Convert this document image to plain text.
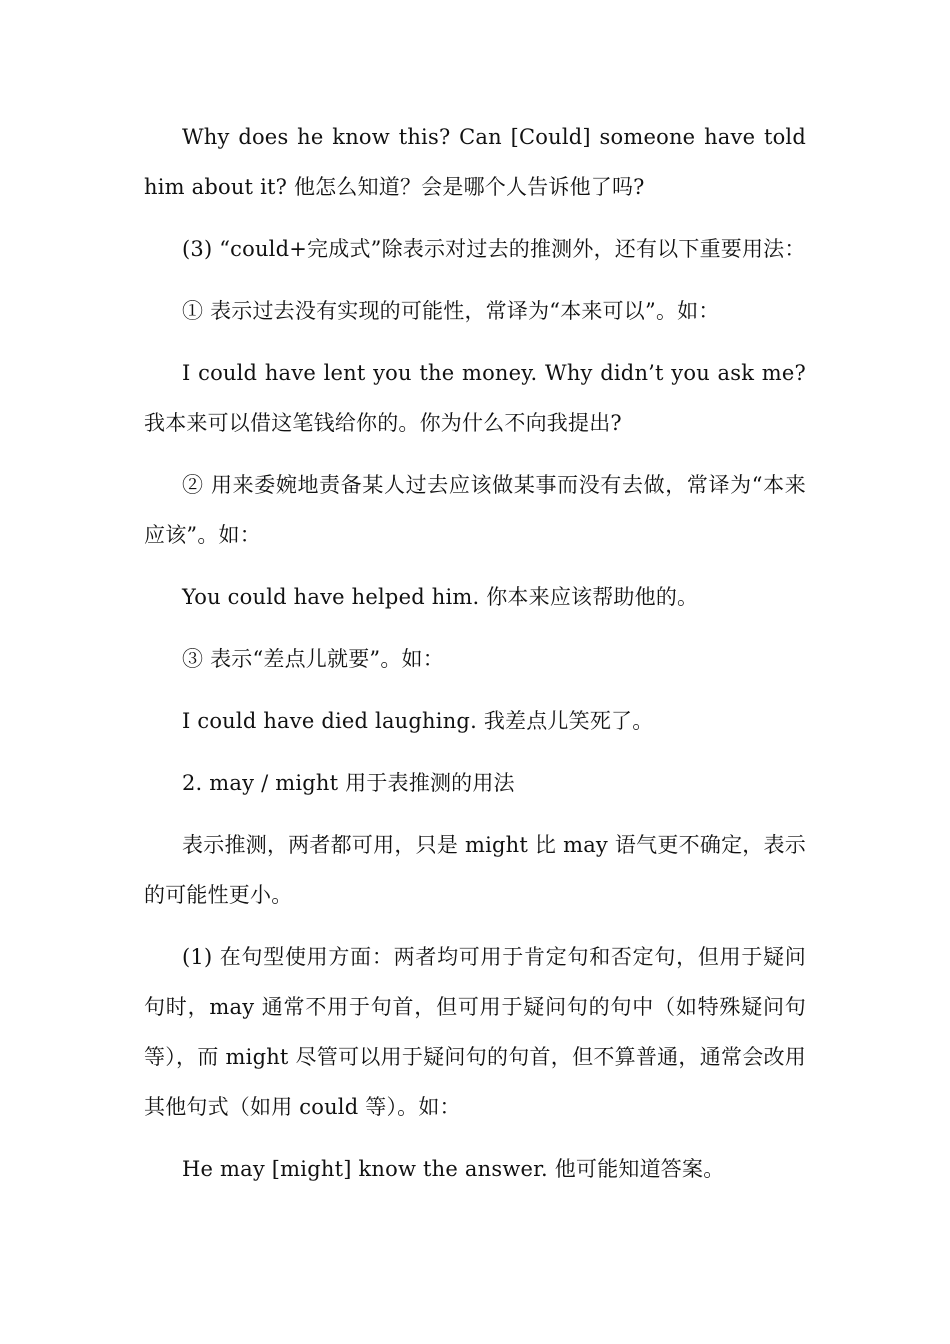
Why does he know this? Can [Could] someone have told him about it? 他怎么知道？会是哪个人告诉他了吗?

(3) “could+完成式”除表示对过去的推测外，还有以下重要用法：

① 表示过去没有实现的可能性，常译为“本来可以”。如：

I could have lent you the money. Why didn’t you ask me? 我本来可以借这笔钱给你的。你为什么不向我提出?

② 用来委婉地责备某人过去应该做某事而没有去做，常译为“本来应该”。如：

You could have helped him. 你本来应该帮助他的。

③ 表示“差点儿就要”。如：

I could have died laughing. 我差点儿笑死了。

2. may / might 用于表推测的用法

表示推测，两者都可用，只是 might 比 may 语气更不确定，表示的可能性更小。

(1) 在句型使用方面：两者均可用于肯定句和否定句，但用于疑问句时，may 通常不用于句首，但可用于疑问句的句中（如特殊疑问句等），而 might 尽管可以用于疑问句的句首，但不算普通，通常会改用其他句式（如用 could 等）。如：

He may [might] know the answer. 他可能知道答案。
